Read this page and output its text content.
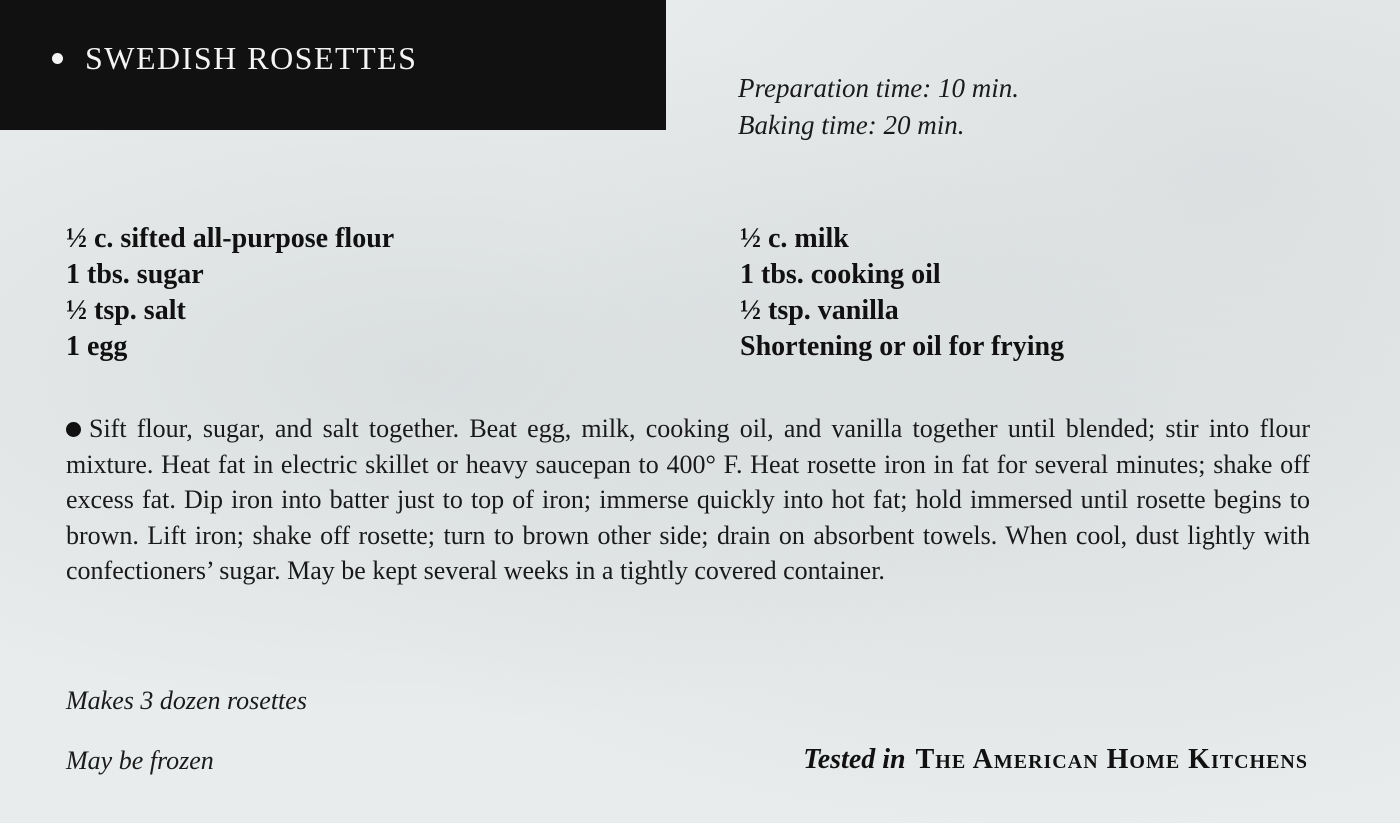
SWEDISH ROSETTES
Preparation time: 10 min.
Baking time: 20 min.
½ c. sifted all-purpose flour
1 tbs. sugar
½ tsp. salt
1 egg
½ c. milk
1 tbs. cooking oil
½ tsp. vanilla
Shortening or oil for frying
Sift flour, sugar, and salt together. Beat egg, milk, cooking oil, and vanilla together until blended; stir into flour mixture. Heat fat in electric skillet or heavy saucepan to 400° F. Heat rosette iron in fat for several minutes; shake off excess fat. Dip iron into batter just to top of iron; immerse quickly into hot fat; hold immersed until rosette begins to brown. Lift iron; shake off rosette; turn to brown other side; drain on absorbent towels. When cool, dust lightly with confectioners’ sugar. May be kept several weeks in a tightly covered container.
Makes 3 dozen rosettes
May be frozen	Tested in The American Home Kitchens
